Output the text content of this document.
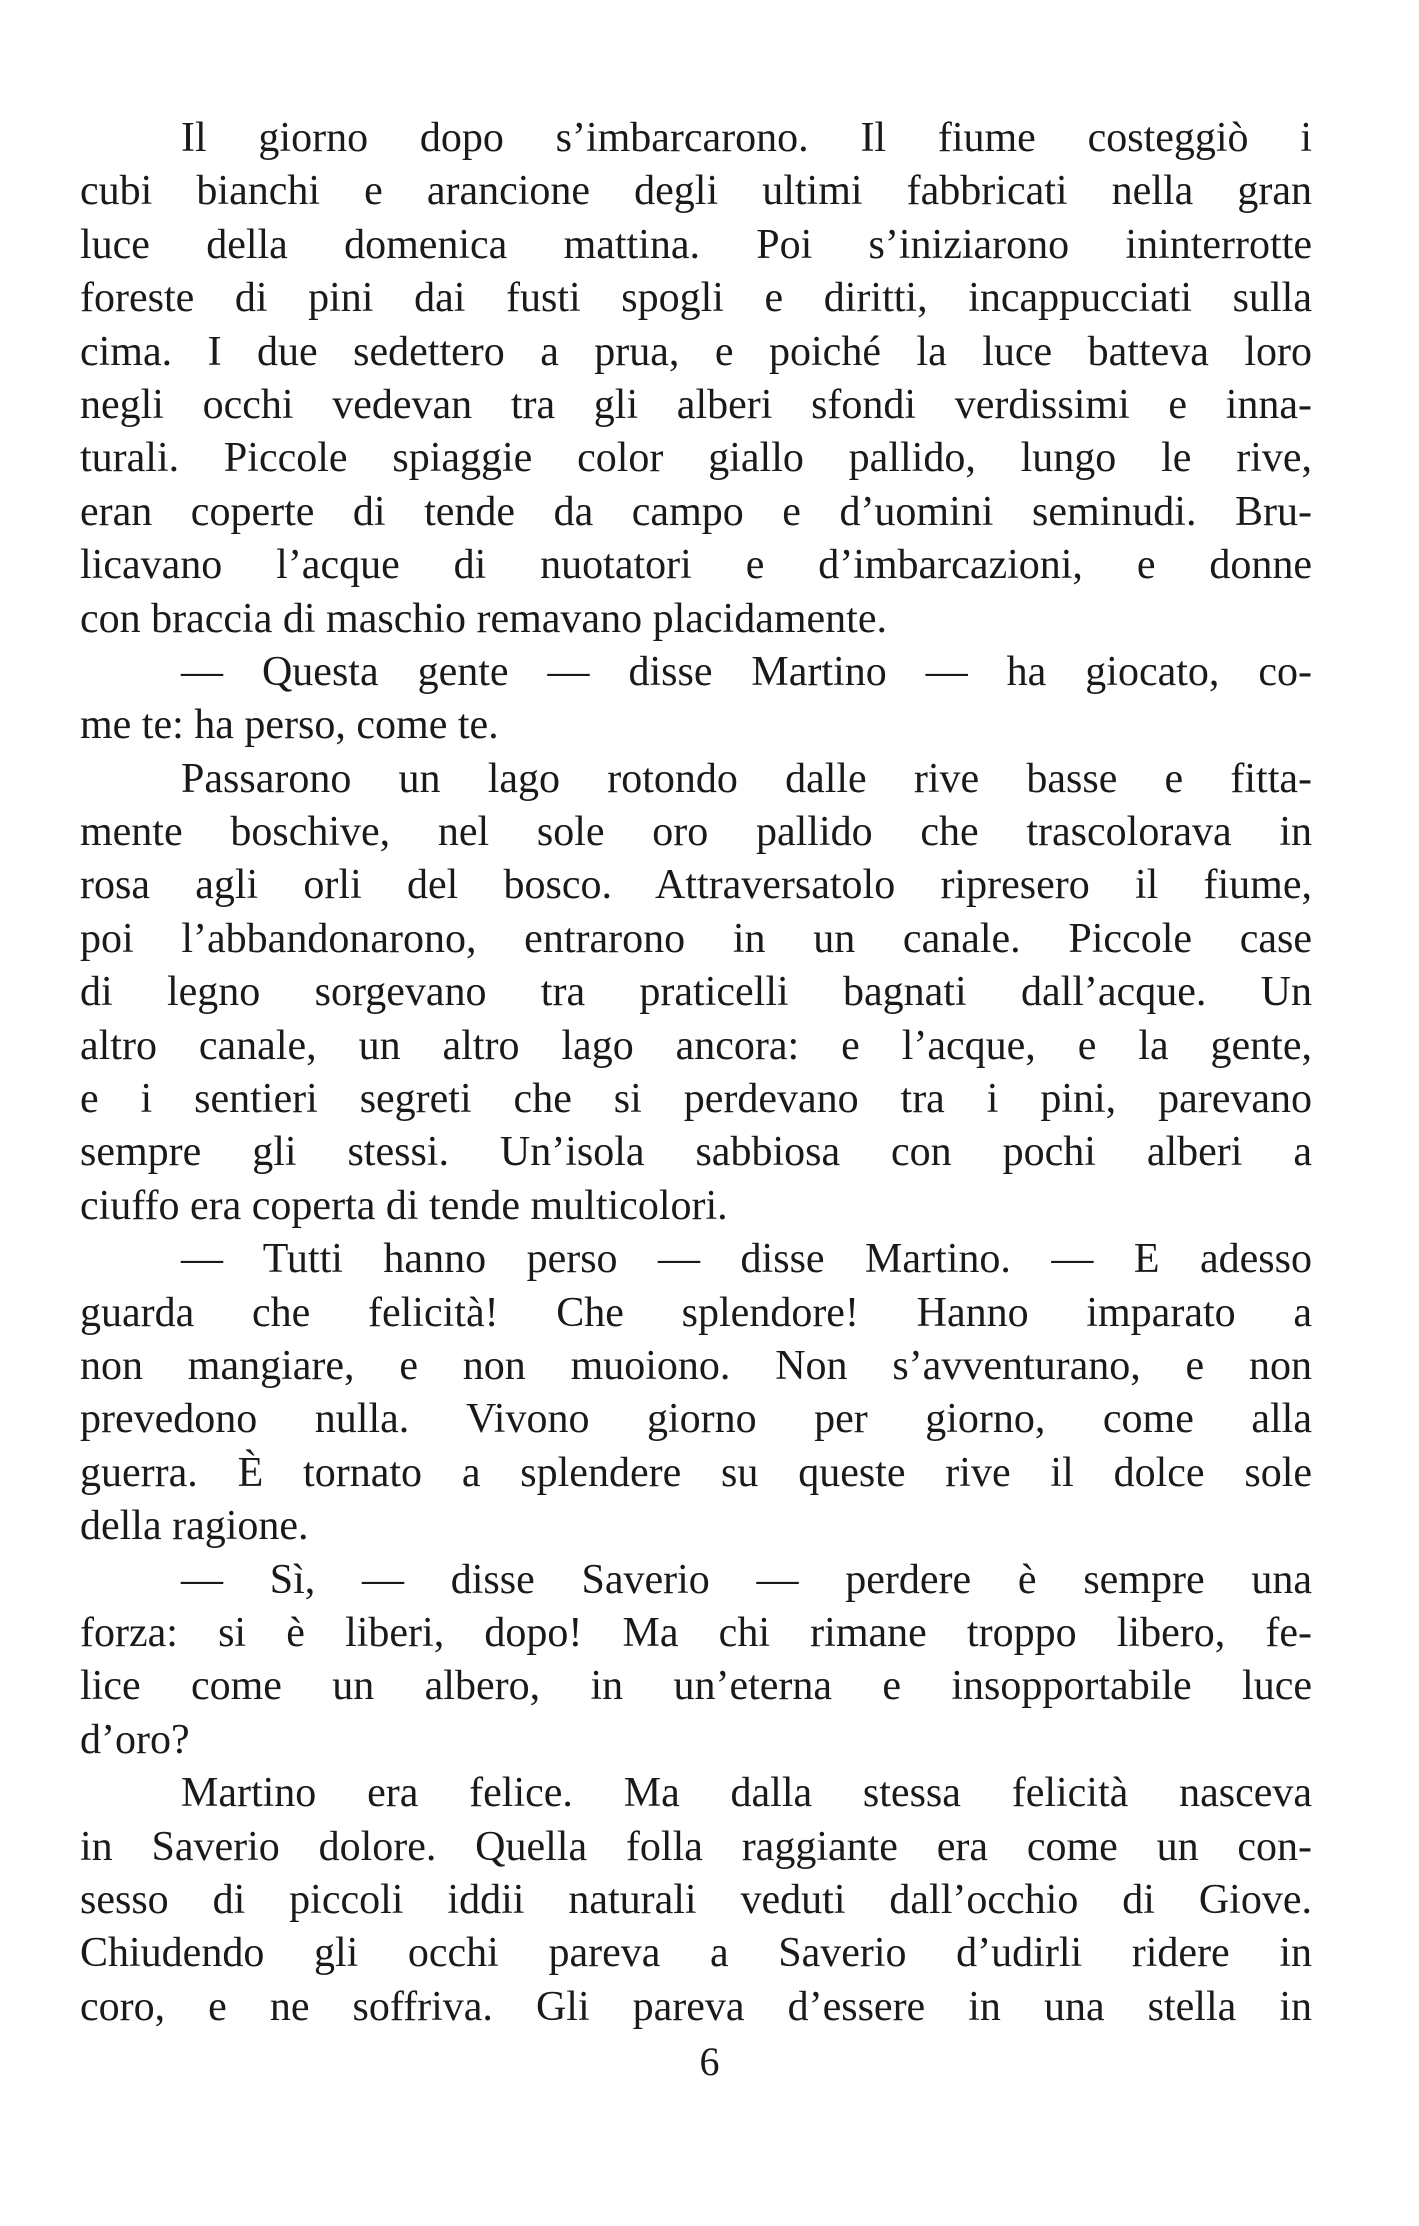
Il giorno dopo s’imbarcarono. Il fiume costeggiò i
cubi bianchi e arancione degli ultimi fabbricati nella gran
luce della domenica mattina. Poi s’iniziarono ininterrotte
foreste di pini dai fusti spogli e diritti, incappucciati sulla
cima. I due sedettero a prua, e poiché la luce batteva loro
negli occhi vedevan tra gli alberi sfondi verdissimi e inna-
turali. Piccole spiaggie color giallo pallido, lungo le rive,
eran coperte di tende da campo e d’uomini seminudi. Bru-
licavano l’acque di nuotatori e d’imbarcazioni, e donne
con braccia di maschio remavano placidamente.
— Questa gente — disse Martino — ha giocato, co-
me te: ha perso, come te.
Passarono un lago rotondo dalle rive basse e fitta-
mente boschive, nel sole oro pallido che trascolorava in
rosa agli orli del bosco. Attraversatolo ripresero il fiume,
poi l’abbandonarono, entrarono in un canale. Piccole case
di legno sorgevano tra praticelli bagnati dall’acque. Un
altro canale, un altro lago ancora: e l’acque, e la gente,
e i sentieri segreti che si perdevano tra i pini, parevano
sempre gli stessi. Un’isola sabbiosa con pochi alberi a
ciuffo era coperta di tende multicolori.
— Tutti hanno perso — disse Martino. — E adesso
guarda che felicità! Che splendore! Hanno imparato a
non mangiare, e non muoiono. Non s’avventurano, e non
prevedono nulla. Vivono giorno per giorno, come alla
guerra. È tornato a splendere su queste rive il dolce sole
della ragione.
— Sì, — disse Saverio — perdere è sempre una
forza: si è liberi, dopo! Ma chi rimane troppo libero, fe-
lice come un albero, in un’eterna e insopportabile luce
d’oro?
Martino era felice. Ma dalla stessa felicità nasceva
in Saverio dolore. Quella folla raggiante era come un con-
sesso di piccoli iddii naturali veduti dall’occhio di Giove.
Chiudendo gli occhi pareva a Saverio d’udirli ridere in
coro, e ne soffriva. Gli pareva d’essere in una stella in
6
